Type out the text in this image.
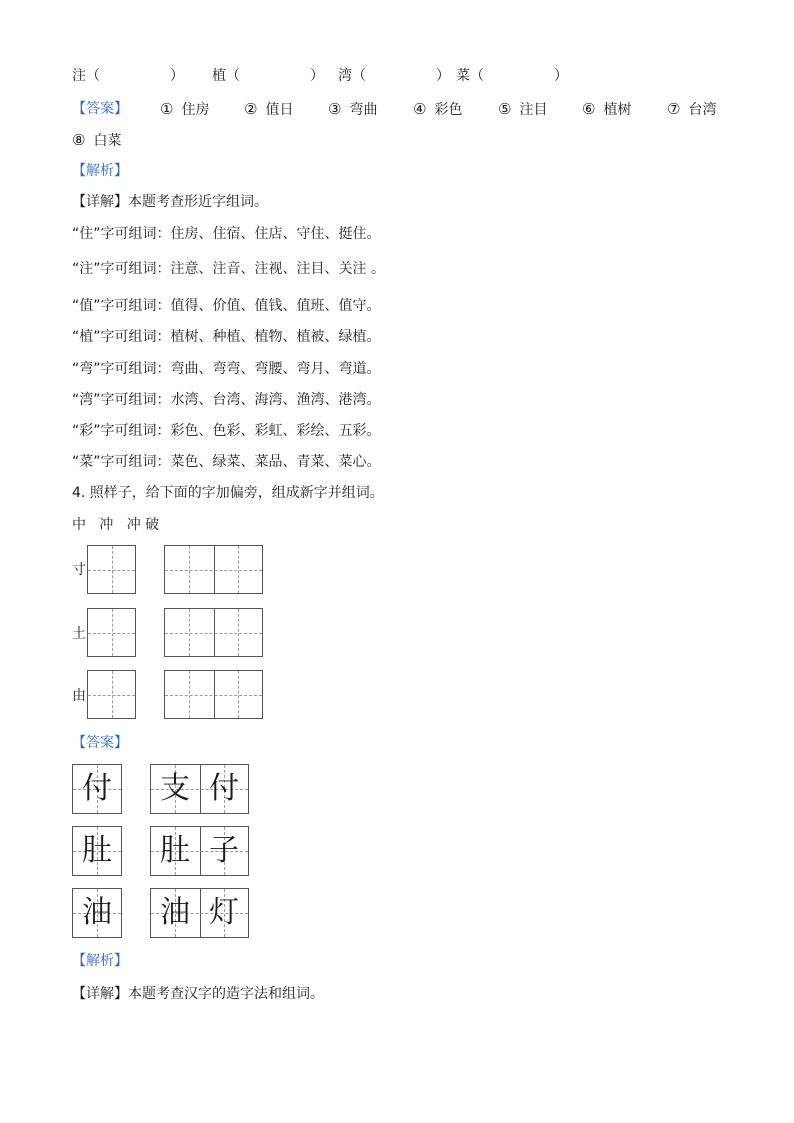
注（　　　　　） 植（　　　　　） 湾（　　　　　） 菜（　　　　　）
【答案】 ① 住房 ② 值日 ③ 弯曲 ④ 彩色 ⑤ 注目 ⑥ 植树 ⑦ 台湾
⑧ 白菜
【解析】
【详解】本题考查形近字组词。
“住”字可组词：住房、住宿、住店、守住、挺住。
“注”字可组词：注意、注音、注视、注目、关注 。
“值”字可组词：值得、价值、值钱、值班、值守。
“植”字可组词：植树、种植、植物、植被、绿植。
“弯”字可组词：弯曲、弯弯、弯腰、弯月、弯道。
“湾”字可组词：水湾、台湾、海湾、渔湾、港湾。
“彩”字可组词：彩色、色彩、彩虹、彩绘、五彩。
“菜”字可组词：菜色、绿菜、菜品、青菜、菜心。
4. 照样子，给下面的字加偏旁，组成新字并组词。
中 冲 冲 破
寸
土
由
【答案】
付	支 付
肚	肚 子
油	油 灯
【解析】
【详解】本题考查汉字的造字法和组词。
